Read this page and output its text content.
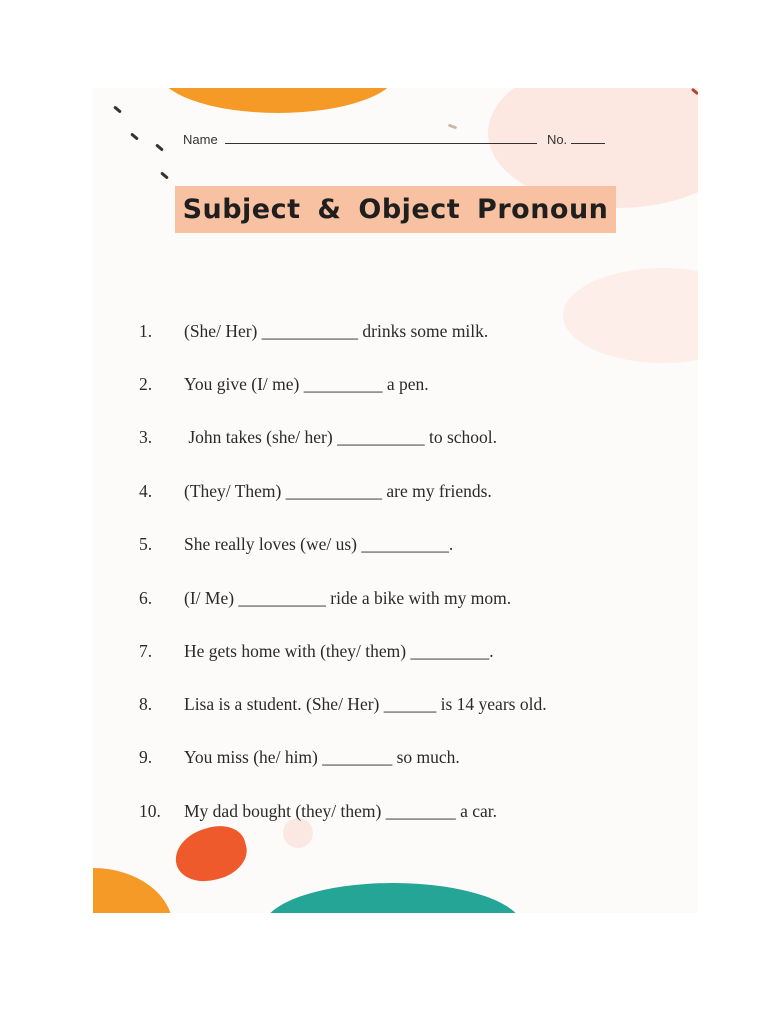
Name	No.
Subject & Object Pronoun
1. (She/ Her) ___________ drinks some milk.
2. You give (I/ me) _________ a pen.
3. John takes (she/ her) __________ to school.
4. (They/ Them) ___________ are my friends.
5. She really loves (we/ us) __________.
6. (I/ Me) __________ ride a bike with my mom.
7. He gets home with (they/ them) _________.
8. Lisa is a student. (She/ Her) ______ is 14 years old.
9. You miss (he/ him) ________ so much.
10. My dad bought (they/ them) ________ a car.
